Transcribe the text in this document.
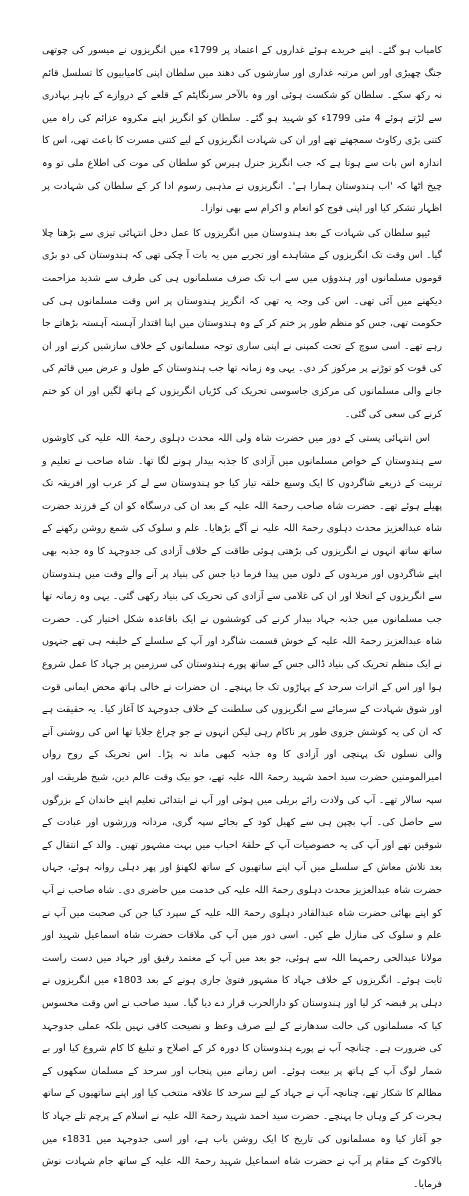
کامیاب ہو گئے۔ اپنے خریدے ہوئے غداروں کے اعتماد پر 1799ء میں انگریزوں نے میسور کی چوتھی جنگ چھیڑی اور اس مرتبہ غداری اور سازشوں کی دھند میں سلطان اپنی کامیابیوں کا تسلسل قائم نہ رکھ سکے۔ سلطان کو شکست ہوئی اور وہ بالآخر سرنگاپٹم کے قلعے کے دروازے کے باہر بہادری سے لڑتے ہوئے 4 مئی 1799ء کو شہید ہو گئے۔ سلطان کو انگریز اپنے مکروہ عزائم کی راہ میں کتنی بڑی رکاوٹ سمجھتے تھے اور ان کی شہادت انگریزوں کے لیے کتنی مسرت کا باعث تھی، اس کا اندازہ اس بات سے ہوتا ہے کہ جب انگریز جنرل ہیرس کو سلطان کی موت کی اطلاع ملی تو وہ چیخ اٹھا کہ 'اب ہندوستان ہمارا ہے'۔ انگریزوں نے مذہبی رسوم ادا کر کے سلطان کی شہادت پر اظہار تشکر کیا اور اپنی فوج کو انعام و اکرام سے بھی نوازا۔

ٹیپو سلطان کی شہادت کے بعد ہندوستان میں انگریزوں کا عمل دخل انتہائی تیزی سے بڑھتا چلا گیا۔ اس وقت تک انگریزوں کے مشاہدے اور تجربے میں یہ بات آ چکی تھی کہ ہندوستان کی دو بڑی قوموں مسلمانوں اور ہندوؤں میں سے اب تک صرف مسلمانوں ہی کی طرف سے شدید مزاحمت دیکھنے میں آئی تھی۔ اس کی وجہ یہ تھی کہ انگریز ہندوستان پر اس وقت مسلمانوں ہی کی حکومت تھی، جس کو منظم طور پر ختم کر کے وہ ہندوستان میں اپنا اقتدار آہستہ آہستہ بڑھاتے جا رہے تھے۔ اسی سوچ کے تحت کمپنی نے اپنی ساری توجہ مسلمانوں کے خلاف سازشیں کرنے اور ان کی قوت کو توڑنے پر مرکوز کر دی۔ یہی وہ زمانہ تھا جب ہندوستان کے طول و عرض میں قائم کی جانے والی مسلمانوں کی مرکزی جاسوسی تحریک کی کڑیاں انگریزوں کے ہاتھ لگیں اور ان کو ختم کرنے کی سعی کی گئی۔

اس انتہائی پستی کے دور میں حضرت شاہ ولی اللہ محدث دہلوی رحمۃ اللہ علیہ کی کاوشوں سے ہندوستان کے خواص مسلمانوں میں آزادی کا جذبہ بیدار ہونے لگا تھا۔ شاہ صاحب نے تعلیم و تربیت کے ذریعے شاگردوں کا ایک وسیع حلقہ تیار کیا جو ہندوستان سے لے کر عرب اور افریقہ تک پھیلے ہوئے تھے۔ حضرت شاہ صاحب رحمۃ اللہ علیہ کے بعد ان کی درسگاہ کو ان کے فرزند حضرت شاہ عبدالعزیز محدث دہلوی رحمۃ اللہ علیہ نے آگے بڑھایا۔ علم و سلوک کی شمع روشن رکھنے کے ساتھ ساتھ انہوں نے انگریزوں کی بڑھتی ہوئی طاقت کے خلاف آزادی کی جدوجہد کا وہ جذبہ بھی اپنے شاگردوں اور مریدوں کے دلوں میں پیدا فرما دیا جس کی بنیاد پر آنے والے وقت میں ہندوستان سے انگریزوں کے انخلا اور ان کی غلامی سے آزادی کی تحریک کی بنیاد رکھی گئی۔ یہی وہ زمانہ تھا جب مسلمانوں میں جذبہ جہاد بیدار کرنے کی کوششوں نے ایک باقاعدہ شکل اختیار کی۔ حضرت شاہ عبدالعزیز رحمۃ اللہ علیہ کے خوش قسمت شاگرد اور آپ کے سلسلے کے خلیفہ ہی تھے جنہوں نے ایک منظم تحریک کی بنیاد ڈالی جس کے ساتھ پورے ہندوستان کی سرزمین پر جہاد کا عمل شروع ہوا اور اس کے اثرات سرحد کے پہاڑوں تک جا پہنچے۔ ان حضرات نے خالی ہاتھ محض ایمانی قوت اور شوق شہادت کے سرمائے سے انگریزوں کی سلطنت کے خلاف جدوجہد کا آغاز کیا۔ یہ حقیقت ہے کہ ان کی یہ کوشش جزوی طور پر ناکام رہی لیکن انہوں نے جو چراغ جلایا تھا اس کی روشنی آنے والی نسلوں تک پہنچی اور آزادی کا وہ جذبہ کبھی ماند نہ پڑا۔ اس تحریک کے روح رواں امیرالمومنین حضرت سید احمد شہید رحمۃ اللہ علیہ تھے، جو بیک وقت عالم دین، شیخ طریقت اور سپہ سالار تھے۔ آپ کی ولادت رائے بریلی میں ہوئی اور آپ نے ابتدائی تعلیم اپنے خاندان کے بزرگوں سے حاصل کی۔ آپ بچپن ہی سے کھیل کود کے بجائے سپہ گری، مردانہ ورزشوں اور عبادت کے شوقین تھے اور آپ کی یہ خصوصیات آپ کے حلقۂ احباب میں بہت مشہور تھیں۔ والد کے انتقال کے بعد تلاش معاش کے سلسلے میں آپ اپنے ساتھیوں کے ساتھ لکھنؤ اور پھر دہلی روانہ ہوئے، جہاں حضرت شاہ عبدالعزیز محدث دہلوی رحمۃ اللہ علیہ کی خدمت میں حاضری دی۔ شاہ صاحب نے آپ کو اپنے بھائی حضرت شاہ عبدالقادر دہلوی رحمۃ اللہ علیہ کے سپرد کیا جن کی صحبت میں آپ نے علم و سلوک کی منازل طے کیں۔ اسی دور میں آپ کی ملاقات حضرت شاہ اسماعیل شہید اور مولانا عبدالحی رحمہما اللہ سے ہوئی، جو بعد میں آپ کے معتمد رفیق اور جہاد میں دست راست ثابت ہوئے۔ انگریزوں کے خلاف جہاد کا مشہور فتویٰ جاری ہونے کے بعد 1803ء میں انگریزوں نے دہلی پر قبضہ کر لیا اور ہندوستان کو دارالحرب قرار دے دیا گیا۔ سید صاحب نے اس وقت محسوس کیا کہ مسلمانوں کی حالت سدھارنے کے لیے صرف وعظ و نصیحت کافی نہیں بلکہ عملی جدوجہد کی ضرورت ہے۔ چنانچہ آپ نے پورے ہندوستان کا دورہ کر کے اصلاح و تبلیغ کا کام شروع کیا اور بے شمار لوگ آپ کے ہاتھ پر بیعت ہوئے۔ اس زمانے میں پنجاب اور سرحد کے مسلمان سکھوں کے مظالم کا شکار تھے، چنانچہ آپ نے جہاد کے لیے سرحد کا علاقہ منتخب کیا اور اپنے ساتھیوں کے ساتھ ہجرت کر کے وہاں جا پہنچے۔ حضرت سید احمد شہید رحمۃ اللہ علیہ نے اسلام کے پرچم تلے جہاد کا جو آغاز کیا وہ مسلمانوں کی تاریخ کا ایک روشن باب ہے، اور اسی جدوجہد میں 1831ء میں بالاکوٹ کے مقام پر آپ نے حضرت شاہ اسماعیل شہید رحمۃ اللہ علیہ کے ساتھ جام شہادت نوش فرمایا۔
